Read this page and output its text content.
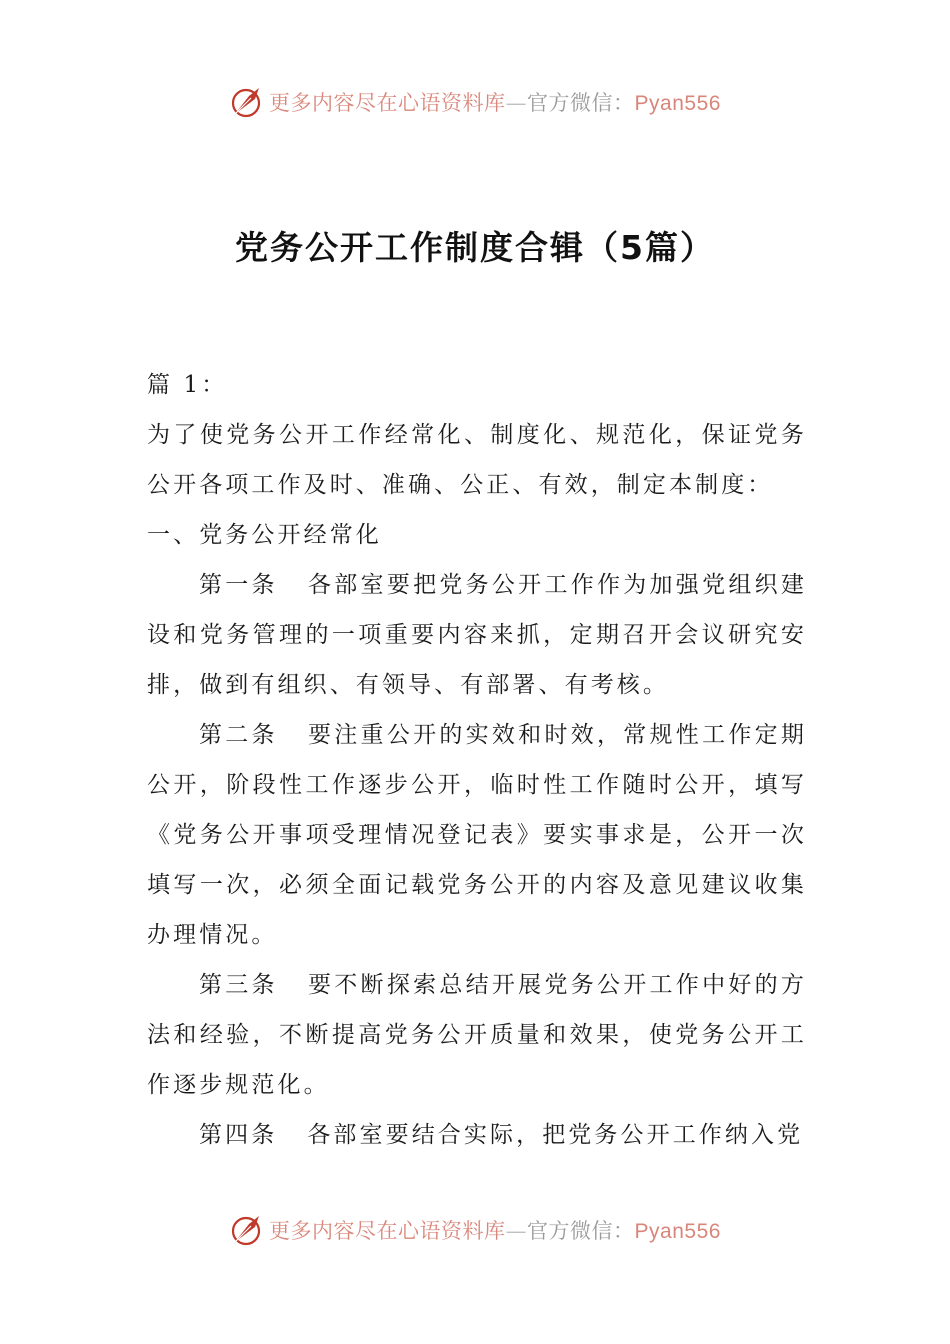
更多内容尽在心语资料库—官方微信：Pyan556
党务公开工作制度合辑（5篇）

篇 1：

为了使党务公开工作经常化、制度化、规范化，保证党务公开各项工作及时、准确、公正、有效，制定本制度：

一、党务公开经常化

第一条 各部室要把党务公开工作作为加强党组织建设和党务管理的一项重要内容来抓，定期召开会议研究安排，做到有组织、有领导、有部署、有考核。

第二条 要注重公开的实效和时效，常规性工作定期公开，阶段性工作逐步公开，临时性工作随时公开，填写《党务公开事项受理情况登记表》要实事求是，公开一次填写一次，必须全面记载党务公开的内容及意见建议收集办理情况。

第三条 要不断探索总结开展党务公开工作中好的方法和经验，不断提高党务公开质量和效果，使党务公开工作逐步规范化。

第四条 各部室要结合实际，把党务公开工作纳入党

更多内容尽在心语资料库—官方微信：Pyan556
